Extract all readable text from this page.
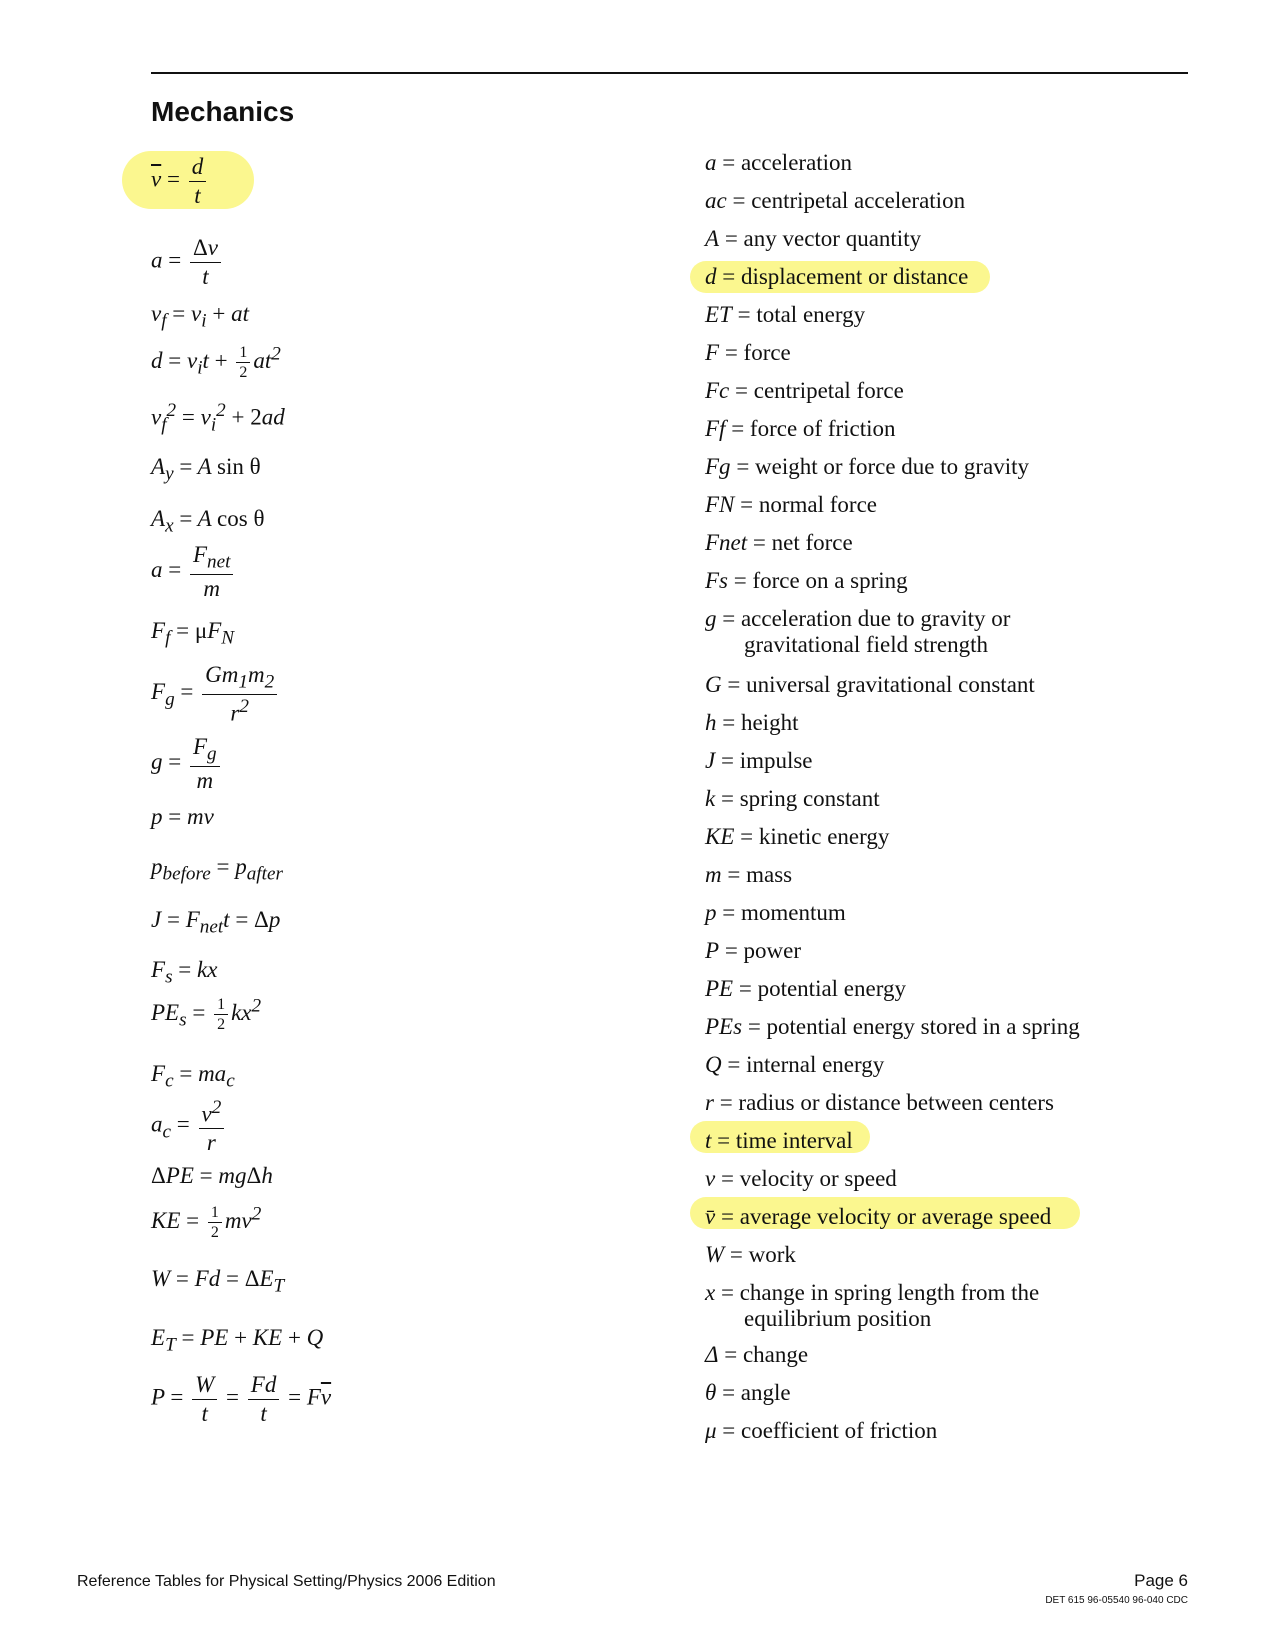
Mechanics
$\overline{v} = \frac{d}{t}$
$a = \frac{\Delta v}{t}$
$v_f = v_i$ + at
$d = v_it + \frac{1}{2} at^2$
$v_f^2 = v_i^2 + 2ad$
$A_y = A$ sin θ
$A_x = A$ cos θ
$a = \frac{F_{net}}{m}$
$F_f = \mu F_N$
$F_g = \frac{Gm_1m_2}{r^2}$
$g = \frac{F_g}{m}$
p = mv
$p_{before} = p_{after}$
$J = F_{net}t = \Delta p$
$F_s$ = kx
$PE_s = \frac{1}{2} kx^2$
$F_c = ma_c$
$a_c = \frac{v^2}{r}$
ΔPE = mgΔh
KE = $\frac{1}{2} mv^2$
$W = Fd = \Delta E_T$
$E_T$ = PE + KE + Q
$P = \frac{W}{t} = \frac{Fd}{t} = F\overline{v}$
a = acceleration
ac = centripetal acceleration
A = any vector quantity
d = displacement or distance
ET = total energy
F = force
Fc = centripetal force
Ff = force of friction
Fg = weight or force due to gravity
FN = normal force
Fnet = net force
Fs = force on a spring
g = acceleration due to gravity or
gravitational field strength
G = universal gravitational constant
h = height
J = impulse
k = spring constant
KE = kinetic energy
m = mass
p = momentum
P = power
PE = potential energy
PEs = potential energy stored in a spring
Q = internal energy
r = radius or distance between centers
t = time interval
v = velocity or speed
v̄ = average velocity or average speed
W = work
x = change in spring length from the
equilibrium position
Δ = change
θ = angle
μ = coefficient of friction
Reference Tables for Physical Setting/Physics 2006 Edition	Page 6
DET 615 96-05540 96-040 CDC
